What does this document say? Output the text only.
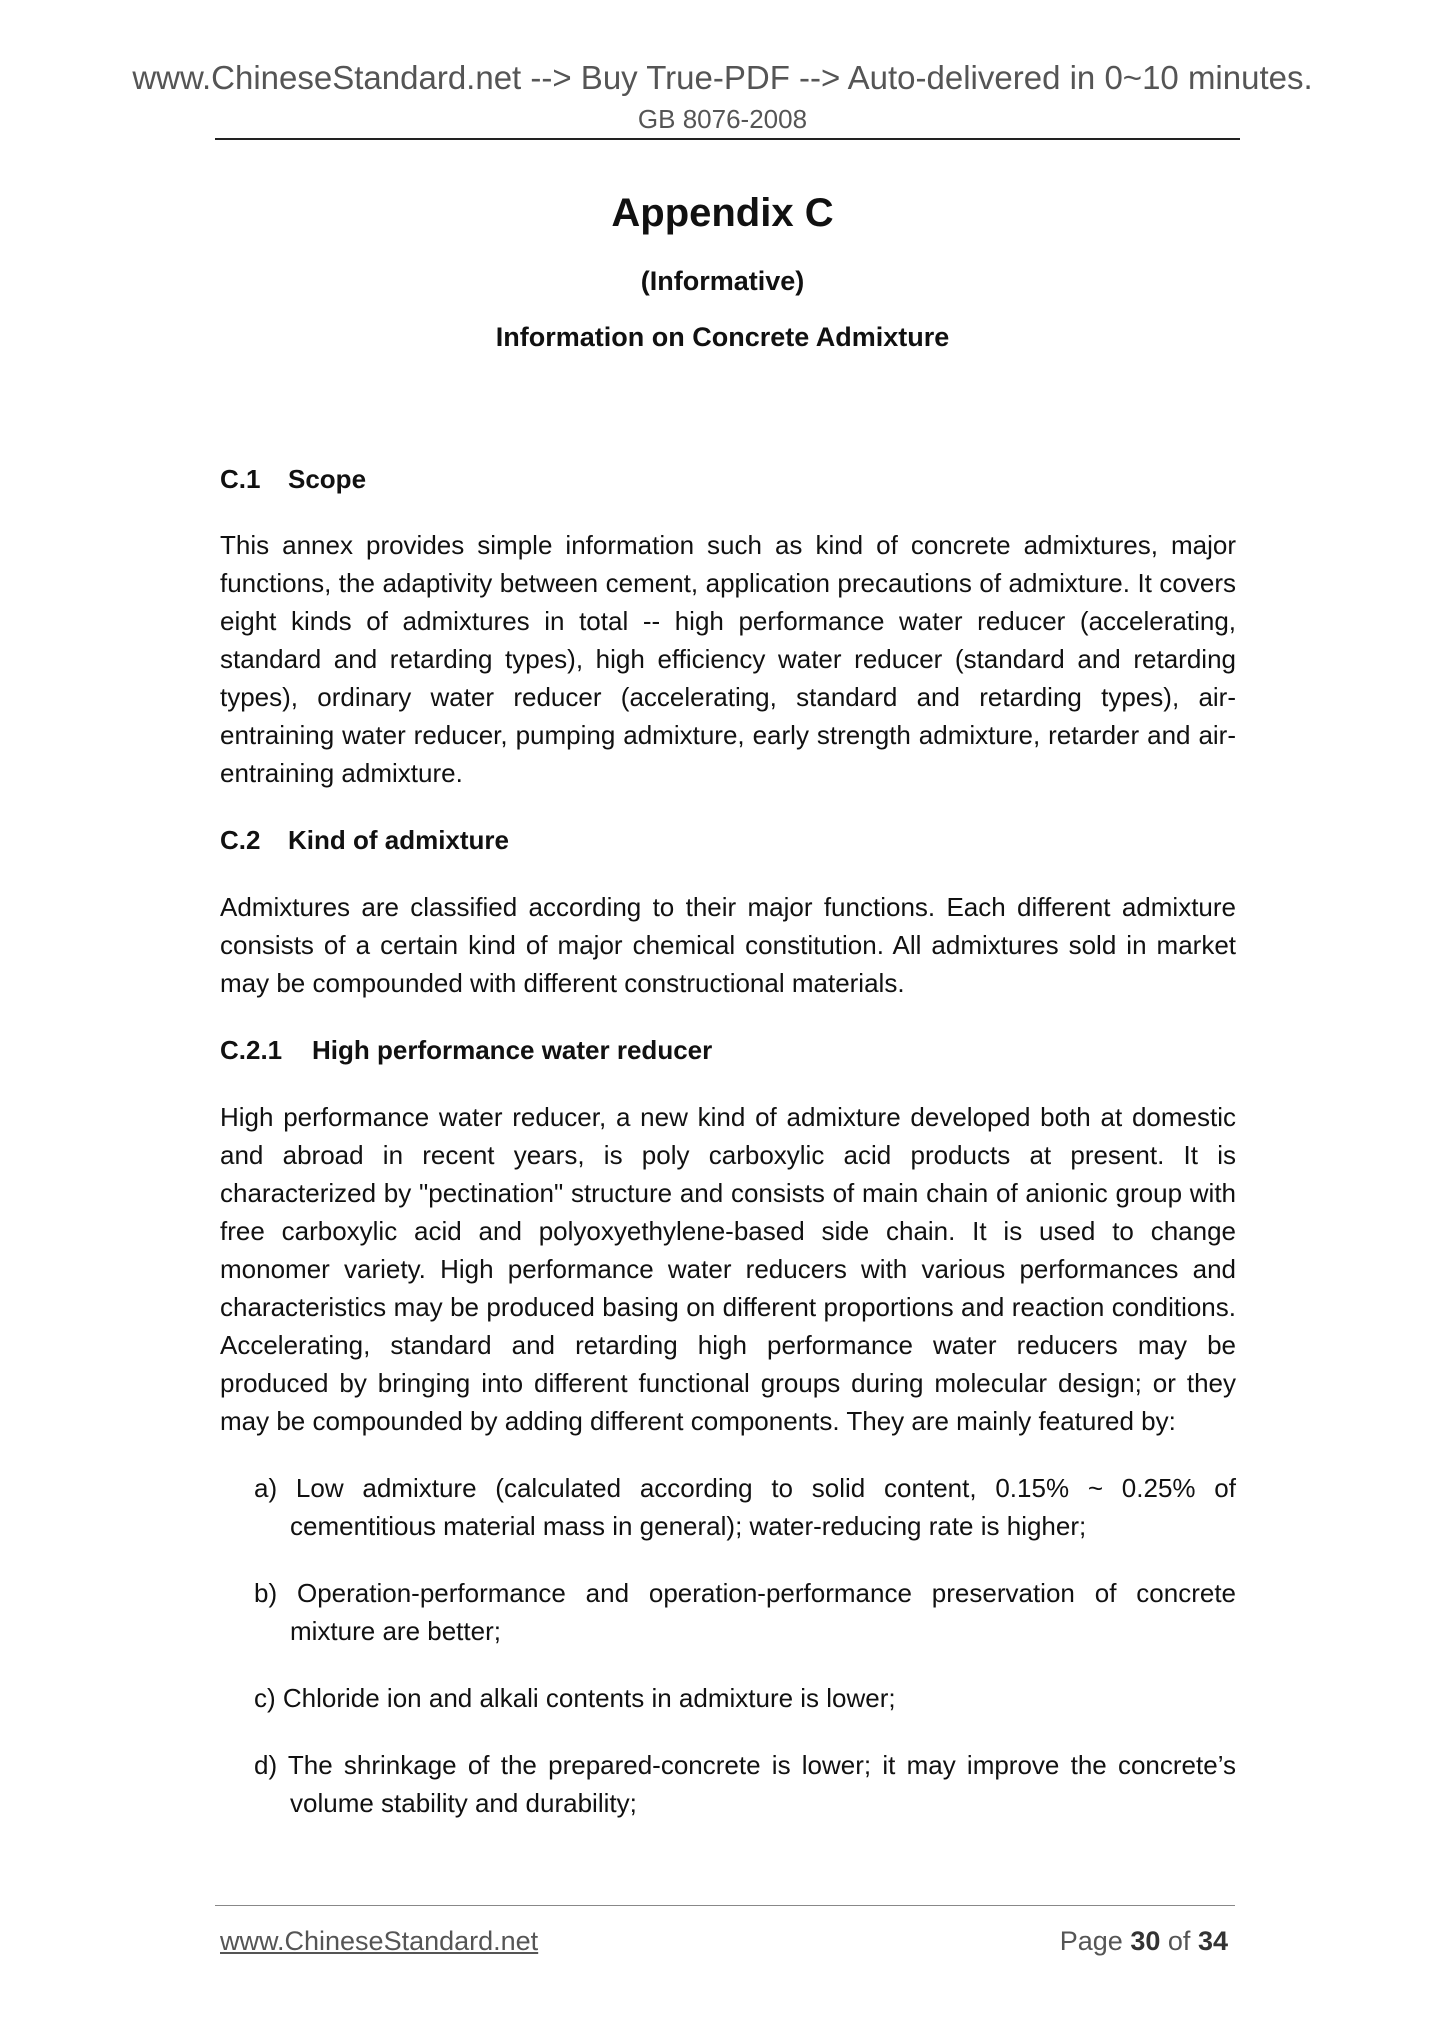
www.ChineseStandard.net --> Buy True-PDF --> Auto-delivered in 0~10 minutes.
GB 8076-2008
Appendix C
(Informative)
Information on Concrete Admixture
C.1 Scope

This annex provides simple information such as kind of concrete admixtures, major functions, the adaptivity between cement, application precautions of admixture. It covers eight kinds of admixtures in total -- high performance water reducer (accelerating, standard and retarding types), high efficiency water reducer (standard and retarding types), ordinary water reducer (accelerating, standard and retarding types), air-entraining water reducer, pumping admixture, early strength admixture, retarder and air-entraining admixture.

C.2 Kind of admixture

Admixtures are classified according to their major functions. Each different admixture consists of a certain kind of major chemical constitution. All admixtures sold in market may be compounded with different constructional materials.

C.2.1 High performance water reducer

High performance water reducer, a new kind of admixture developed both at domestic and abroad in recent years, is poly carboxylic acid products at present. It is characterized by "pectination" structure and consists of main chain of anionic group with free carboxylic acid and polyoxyethylene-based side chain. It is used to change monomer variety. High performance water reducers with various performances and characteristics may be produced basing on different proportions and reaction conditions. Accelerating, standard and retarding high performance water reducers may be produced by bringing into different functional groups during molecular design; or they may be compounded by adding different components. They are mainly featured by:

a) Low admixture (calculated according to solid content, 0.15% ~ 0.25% of cementitious material mass in general); water-reducing rate is higher;
b) Operation-performance and operation-performance preservation of concrete mixture are better;
c) Chloride ion and alkali contents in admixture is lower;
d) The shrinkage of the prepared-concrete is lower; it may improve the concrete’s volume stability and durability;
www.ChineseStandard.net	Page 30 of 34
